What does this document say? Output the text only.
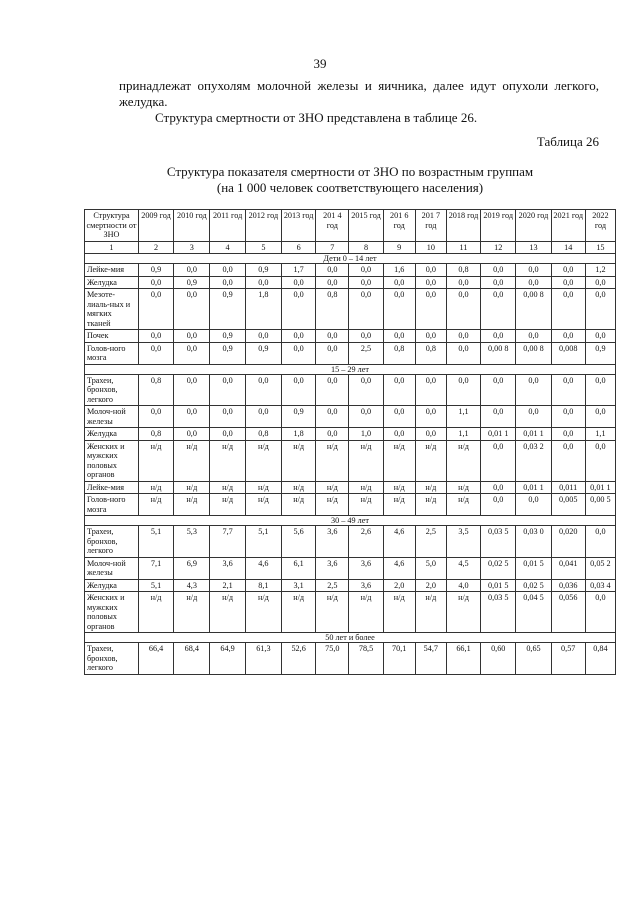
39
принадлежат опухолям молочной железы и яичника, далее идут опухоли легкого, желудка.
Структура смертности от ЗНО представлена в таблице 26.
Таблица 26
Структура показателя смертности от ЗНО по возрастным группам
(на 1 000 человек соответствующего населения)
Структура смертности от ЗНО	2009 год	2010 год	2011 год	2012 год	2013 год	201 4 год	2015 год	201 6 год	201 7 год	2018 год	2019 год	2020 год	2021 год	2022 год
1	2	3	4	5	6	7	8	9	10	11	12	13	14	15
Дети 0 – 14 лет														
Лейке-мия	0,9	0,0	0,0	0,9	1,7	0,0	0,0	1,6	0,0	0,8	0,0	0,0	0,0	1,2
Желудка	0,0	0,9	0,0	0,0	0,0	0,0	0,0	0,0	0,0	0,0	0,0	0,0	0,0	0,0
Мезоте-лиаль-ных и мягких тканей	0,0	0,0	0,9	1,8	0,0	0,8	0,0	0,0	0,0	0,0	0,0	0,00 8	0,0	0,0
Почек	0,0	0,0	0,9	0,0	0,0	0,0	0,0	0,0	0,0	0,0	0,0	0,0	0,0	0,0
Голов-ного мозга	0,0	0,0	0,9	0,9	0,0	0,0	2,5	0,8	0,8	0,0	0,00 8	0,00 8	0,008	0,9
15 – 29 лет														
Трахеи, бронхов, легкого	0,8	0,0	0,0	0,0	0,0	0,0	0,0	0,0	0,0	0,0	0,0	0,0	0,0	0,0
Молоч-ной железы	0,0	0,0	0,0	0,0	0,9	0,0	0,0	0,0	0,0	1,1	0,0	0,0	0,0	0,0
Желудка	0,8	0,0	0,0	0,8	1,8	0,0	1,0	0,0	0,0	1,1	0,01 1	0,01 1	0,0	1,1
Женских и мужских половых органов	н/д	н/д	н/д	н/д	н/д	н/д	н/д	н/д	н/д	н/д	0,0	0,03 2	0,0	0,0
Лейке-мия	н/д	н/д	н/д	н/д	н/д	н/д	н/д	н/д	н/д	н/д	0,0	0,01 1	0,011	0,01 1
Голов-ного мозга	н/д	н/д	н/д	н/д	н/д	н/д	н/д	н/д	н/д	н/д	0,0	0,0	0,005	0,00 5
30 – 49 лет														
Трахеи, бронхов, легкого	5,1	5,3	7,7	5,1	5,6	3,6	2,6	4,6	2,5	3,5	0,03 5	0,03 0	0,020	0,0
Молоч-ной железы	7,1	6,9	3,6	4,6	6,1	3,6	3,6	4,6	5,0	4,5	0,02 5	0,01 5	0,041	0,05 2
Желудка	5,1	4,3	2,1	8,1	3,1	2,5	3,6	2,0	2,0	4,0	0,01 5	0,02 5	0,036	0,03 4
Женских и мужских половых органов	н/д	н/д	н/д	н/д	н/д	н/д	н/д	н/д	н/д	н/д	0,03 5	0,04 5	0,056	0,0
50 лет и более														
Трахеи, бронхов, легкого	66,4	68,4	64,9	61,3	52,6	75,0	78,5	70,1	54,7	66,1	0,60	0,65	0,57	0,84
